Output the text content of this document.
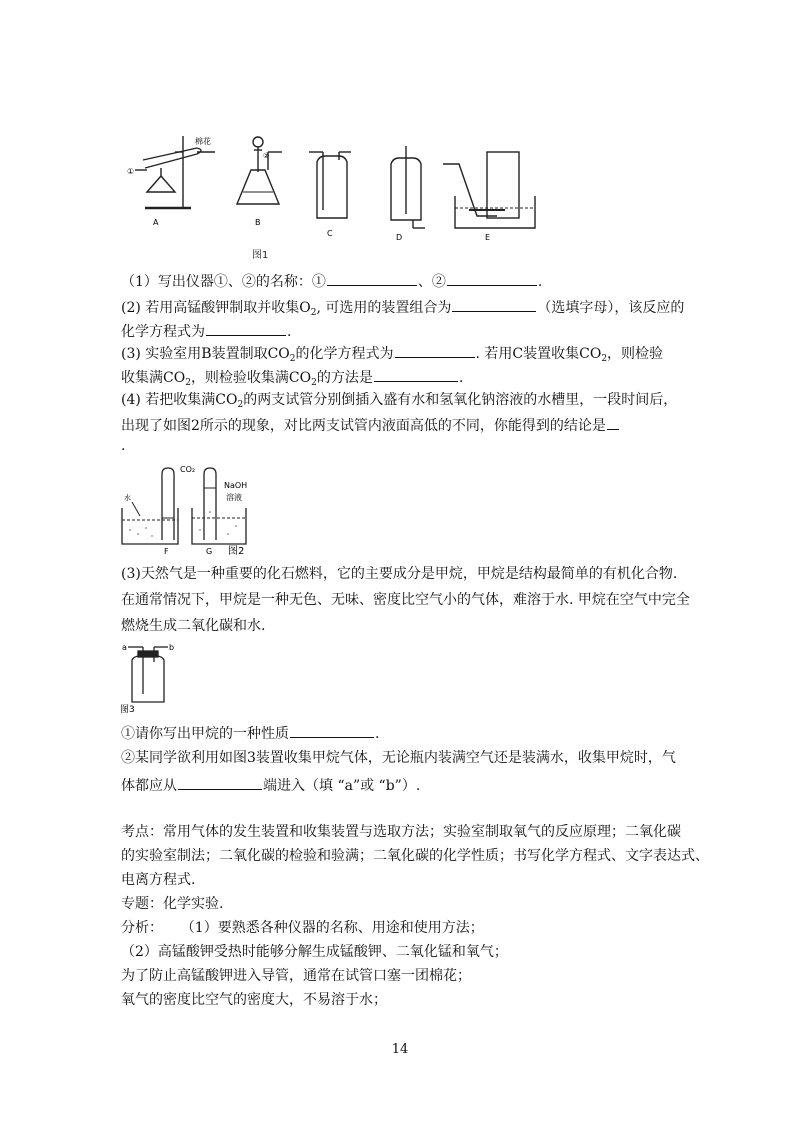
棉花
①
A
②
B
C	D	E
图1
（1）写出仪器①、②的名称：①	、②	.
(2) 若用高锰酸钾制取并收集$O_2$, 可选用的装置组合为	（选填字母），该反应的
化学方程式为	.
(3) 实验室用B装置制取$CO_2$的化学方程式为	. 若用C装置收集$CO_2$，则检验
收集满$CO_2$，则检验收集满$CO_2$的方法是	.
(4) 若把收集满$CO_2$的两支试管分别倒插入盛有水和氢氧化钠溶液的水槽里，一段时间后，
出现了如图2所示的现象，对比两支试管内液面高低的不同，你能得到的结论是
.
水
CO₂
NaOH
溶液
F	G 图2
(3)天然气是一种重要的化石燃料，它的主要成分是甲烷，甲烷是结构最简单的有机化合物.
在通常情况下，甲烷是一种无色、无味、密度比空气小的气体，难溶于水. 甲烷在空气中完全
燃烧生成二氧化碳和水.
a	b
图3
①请你写出甲烷的一种性质	.
②某同学欲利用如图3装置收集甲烷气体，无论瓶内装满空气还是装满水，收集甲烷时，气
体都应从	端进入（填 “a”或 “b”）.
考点：常用气体的发生装置和收集装置与选取方法；实验室制取氧气的反应原理；二氧化碳
的实验室制法；二氧化碳的检验和验满；二氧化碳的化学性质；书写化学方程式、文字表达式、
电离方程式.
专题：化学实验.
分析：    （1）要熟悉各种仪器的名称、用途和使用方法；
（2）高锰酸钾受热时能够分解生成锰酸钾、二氧化锰和氧气；
为了防止高锰酸钾进入导管，通常在试管口塞一团棉花；
氧气的密度比空气的密度大，不易溶于水；
14
